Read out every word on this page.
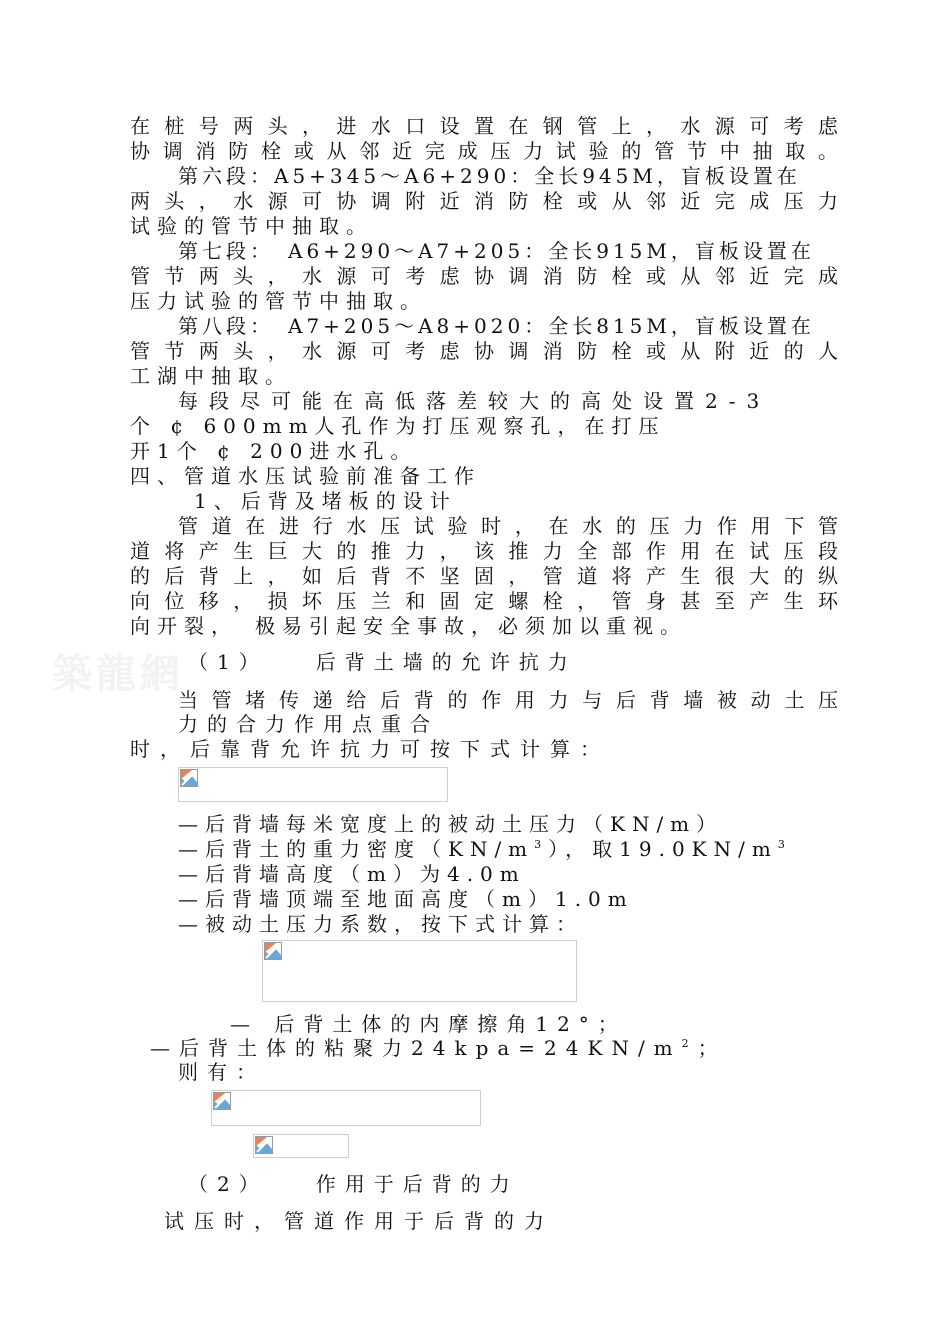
築龍網
在桩号两头，进水口设置在钢管上，水源可考虑
协调消防栓或从邻近完成压力试验的管节中抽取。
第六段：A5+345～A6+290：全长945M，盲板设置在
两头，水源可协调附近消防栓或从邻近完成压力
试验的管节中抽取。
第七段：　A6+290～A7+205：全长915M，盲板设置在
管节两头，水源可考虑协调消防栓或从邻近完成
压力试验的管节中抽取。
第八段：　A7+205～A8+020：全长815M，盲板设置在
管节两头，水源可考虑协调消防栓或从附近的人
工湖中抽取。
每段尽可能在高低落差较大的高处设置2-3
个 ¢ 600mm人孔作为打压观察孔，在打压
开1个 ¢ 200进水孔。
四、管道水压试验前准备工作
1、后背及堵板的设计
管道在进行水压试验时，在水的压力作用下管
道将产生巨大的推力，该推力全部作用在试压段
的后背上，如后背不坚固，管道将产生很大的纵
向位移，损坏压兰和固定螺栓，管身甚至产生环
向开裂，　极易引起安全事故，必须加以重视。
（1）　　后背土墙的允许抗力
当管堵传递给后背的作用力与后背墙被动土压
力的合力作用点重合
时，后靠背允许抗力可按下式计算：
—后背墙每米宽度上的被动土压力（KN/m）
—后背土的重力密度$(KN/m^3)$，取$19.0KN/m^3$
—后背墙高度（m）为4.0m
—后背墙顶端至地面高度（m）1.0m
—被动土压力系数，按下式计算：
— 后背土体的内摩擦角12°；
—后背土体的粘聚力$24kpa=24KN/m^2$；
则有：
（2）　　作用于后背的力
试压时，管道作用于后背的力
